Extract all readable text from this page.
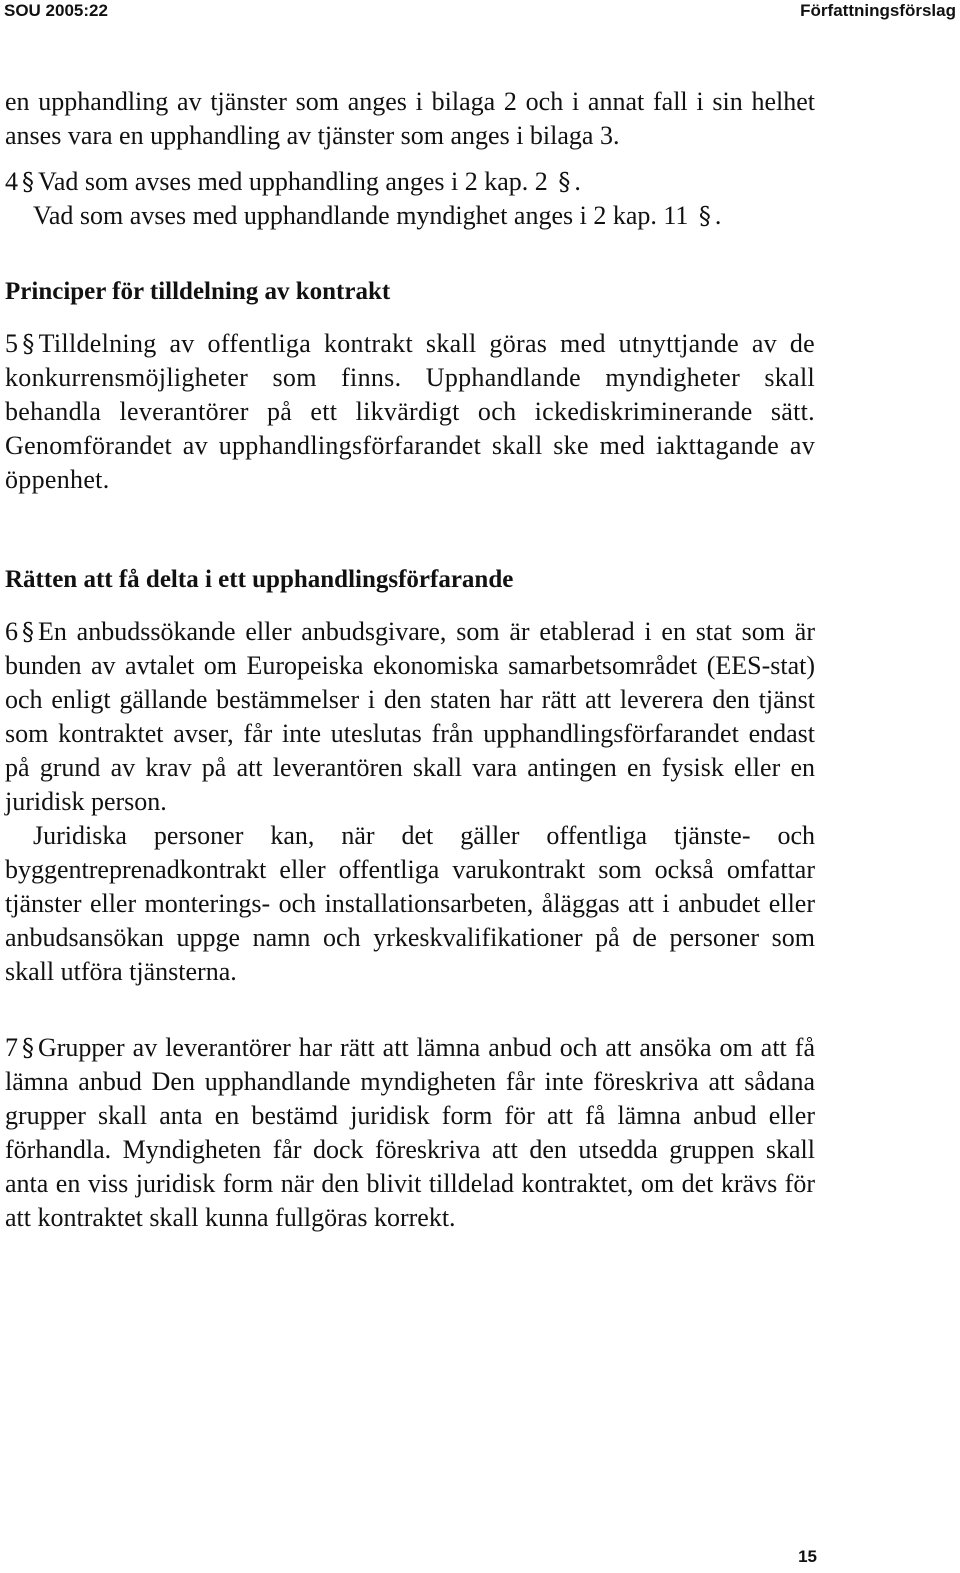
SOU 2005:22	Författningsförslag

en upphandling av tjänster som anges i bilaga 2 och i annat fall i sin helhet anses vara en upphandling av tjänster som anges i bilaga 3.

4 § Vad som avses med upphandling anges i 2 kap. 2 § .

Vad som avses med upphandlande myndighet anges i 2 kap. 11 § .

Principer för tilldelning av kontrakt

5 § Tilldelning av offentliga kontrakt skall göras med utnyttjande av de konkurrensmöjligheter som finns. Upphandlande myndigheter skall behandla leverantörer på ett likvärdigt och ickediskriminerande sätt. Genomförandet av upphandlingsförfarandet skall ske med iakttagande av öppenhet.

Rätten att få delta i ett upphandlingsförfarande

6 § En anbudssökande eller anbudsgivare, som är etablerad i en stat som är bunden av avtalet om Europeiska ekonomiska samarbetsområdet (EES-stat) och enligt gällande bestämmelser i den staten har rätt att leverera den tjänst som kontraktet avser, får inte uteslutas från upphandlingsförfarandet endast på grund av krav på att leverantören skall vara antingen en fysisk eller en juridisk person.

Juridiska personer kan, när det gäller offentliga tjänste- och byggentreprenadkontrakt eller offentliga varukontrakt som också omfattar tjänster eller monterings- och installationsarbeten, åläggas att i anbudet eller anbudsansökan uppge namn och yrkeskvalifikationer på de personer som skall utföra tjänsterna.

7 § Grupper av leverantörer har rätt att lämna anbud och att ansöka om att få lämna anbud Den upphandlande myndigheten får inte föreskriva att sådana grupper skall anta en bestämd juridisk form för att få lämna anbud eller förhandla. Myndigheten får dock föreskriva att den utsedda gruppen skall anta en viss juridisk form när den blivit tilldelad kontraktet, om det krävs för att kontraktet skall kunna fullgöras korrekt.

15
